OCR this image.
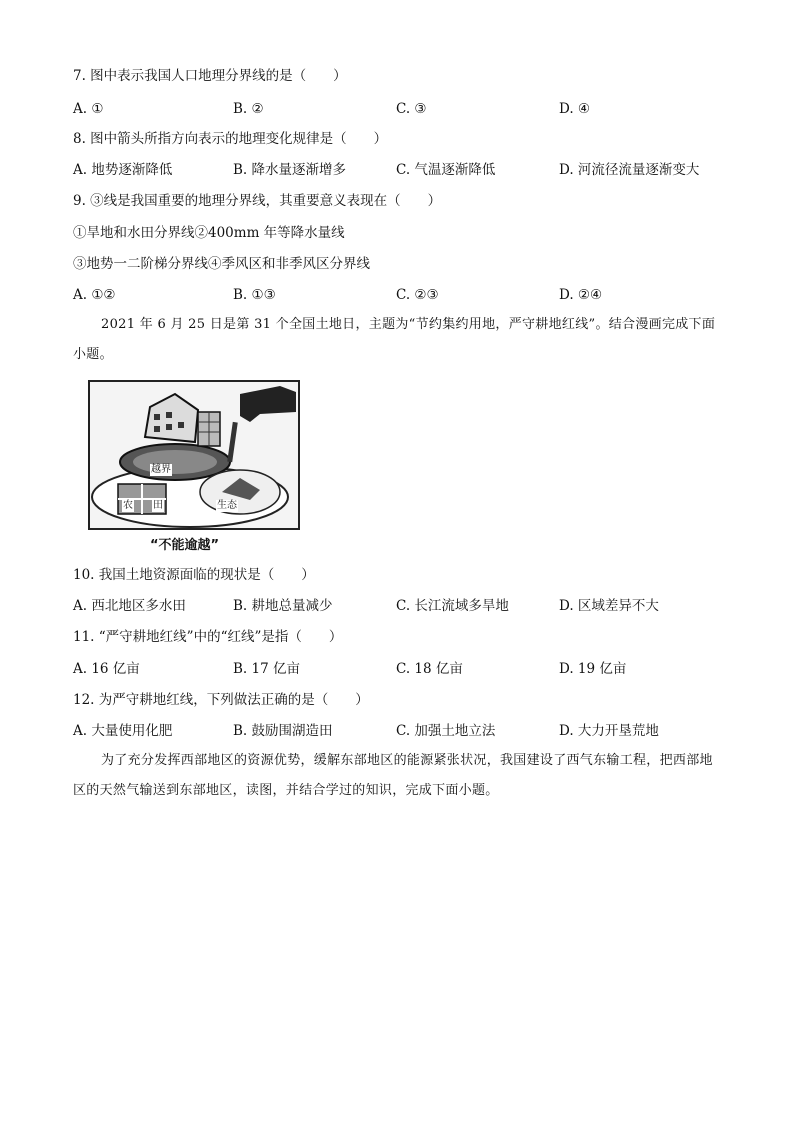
7. 图中表示我国人口地理分界线的是（　　）
A. ①	B. ②	C. ③	D. ④
8. 图中箭头所指方向表示的地理变化规律是（　　）
A. 地势逐渐降低	B. 降水量逐渐增多	C. 气温逐渐降低	D. 河流径流量逐渐变大
9. ③线是我国重要的地理分界线，其重要意义表现在（　　）
①旱地和水田分界线②400mm 年等降水量线
③地势一二阶梯分界线④季风区和非季风区分界线
A. ①②	B. ①③	C. ②③	D. ②④
2021 年 6 月 25 日是第 31 个全国土地日，主题为“节约集约用地，严守耕地红线”。结合漫画完成下面小题。
越界
农 田	生态
“不能逾越”
10. 我国土地资源面临的现状是（　　）
A. 西北地区多水田	B. 耕地总量减少	C. 长江流域多旱地	D. 区域差异不大
11. “严守耕地红线”中的“红线”是指（　　）
A. 16 亿亩	B. 17 亿亩	C. 18 亿亩	D. 19 亿亩
12. 为严守耕地红线，下列做法正确的是（　　）
A. 大量使用化肥	B. 鼓励围湖造田	C. 加强土地立法	D. 大力开垦荒地
为了充分发挥西部地区的资源优势，缓解东部地区的能源紧张状况，我国建设了西气东输工程，把西部地区的天然气输送到东部地区，读图，并结合学过的知识，完成下面小题。
